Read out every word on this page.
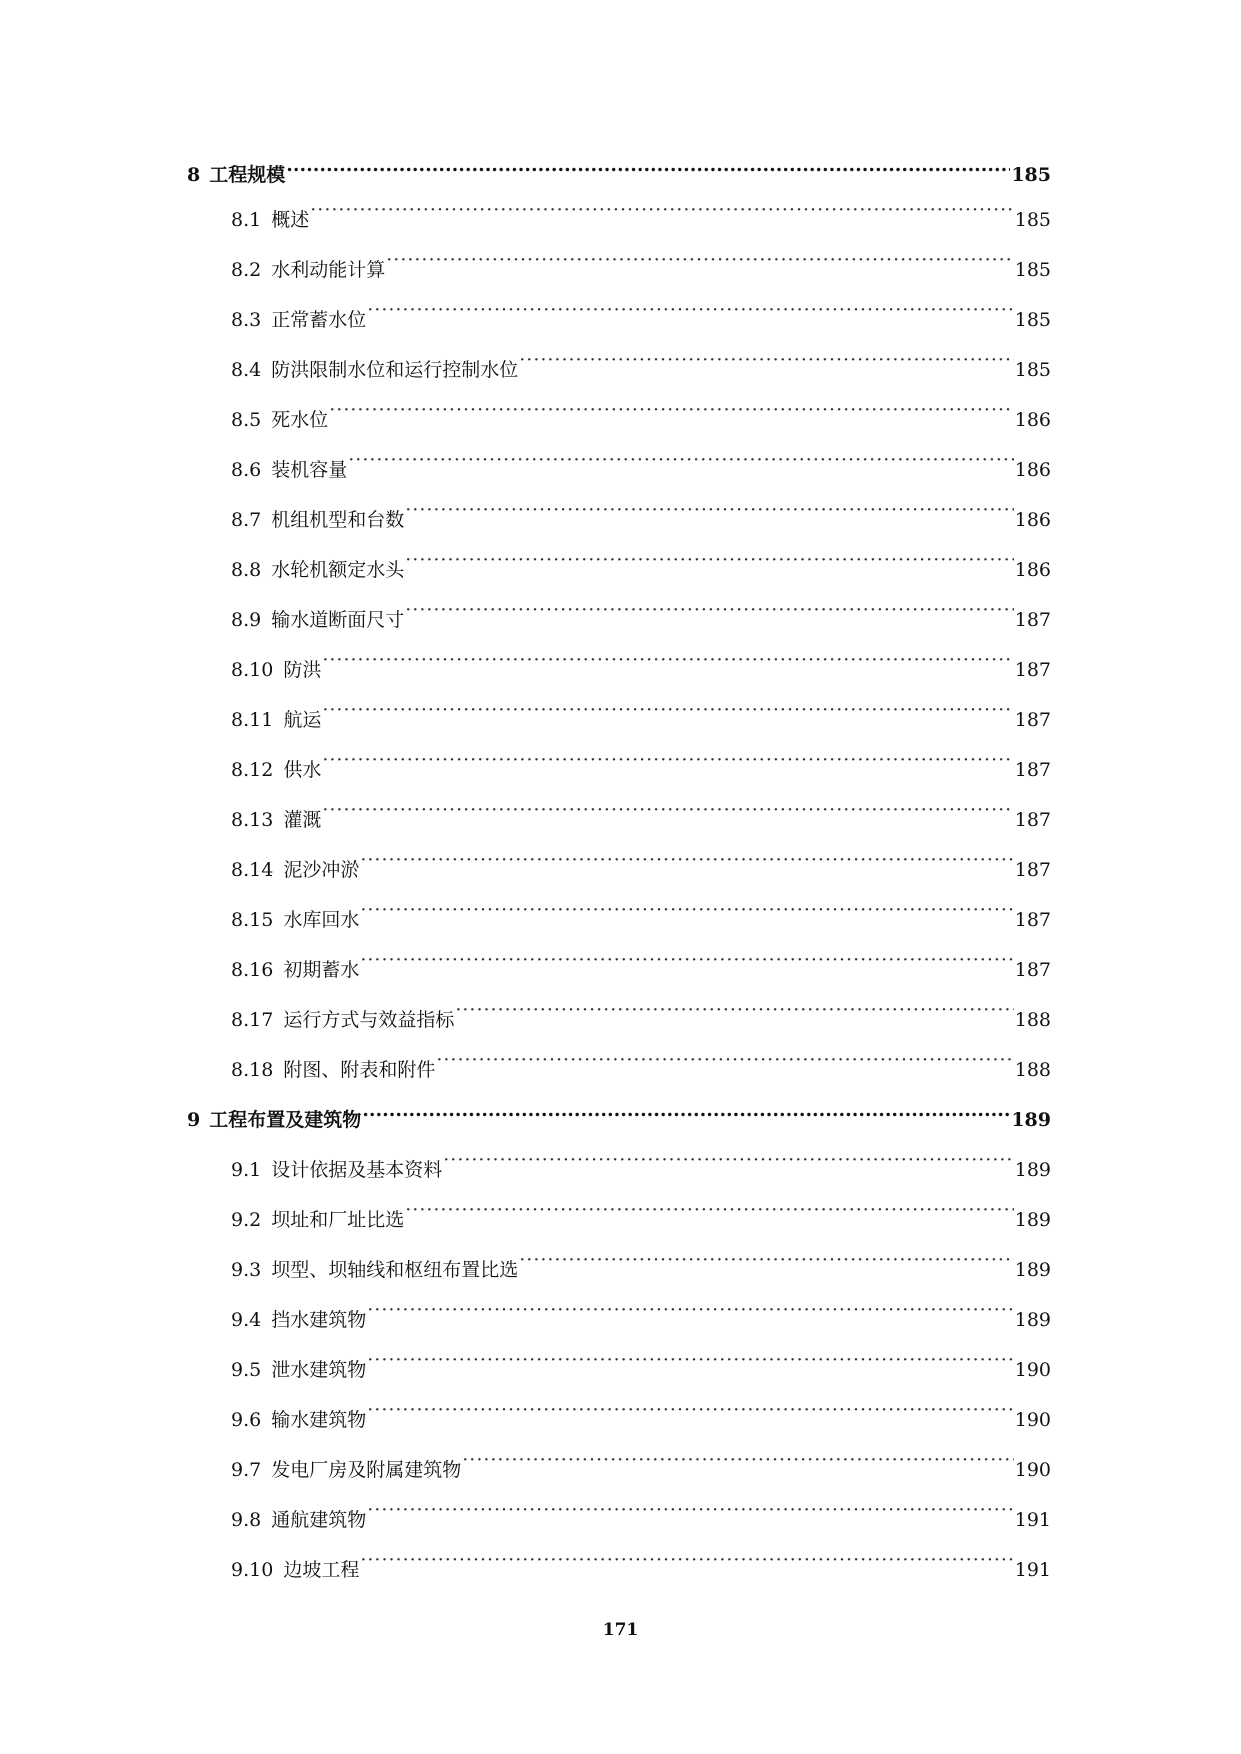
8 工程规模 .....	185
8.1 概述 ·····	185
8.2 水利动能计算 ·····	185
8.3 正常蓄水位 ·····	185
8.4 防洪限制水位和运行控制水位 ·····	185
8.5 死水位 ·····	186
8.6 装机容量 ·····	186
8.7 机组机型和台数 ·····	186
8.8 水轮机额定水头 ·····	186
8.9 输水道断面尺寸 ·····	187
8.10 防洪 ·····	187
8.11 航运 ·····	187
8.12 供水 ·····	187
8.13 灌溉 ·····	187
8.14 泥沙冲淤 ·····	187
8.15 水库回水 ·····	187
8.16 初期蓄水 ·····	187
8.17 运行方式与效益指标 ·····	188
8.18 附图、附表和附件 ·····	188
9 工程布置及建筑物 .....	189
9.1 设计依据及基本资料 ·····	189
9.2 坝址和厂址比选 ·····	189
9.3 坝型、坝轴线和枢纽布置比选 ·····	189
9.4 挡水建筑物 ·····	189
9.5 泄水建筑物 ·····	190
9.6 输水建筑物 ·····	190
9.7 发电厂房及附属建筑物 ·····	190
9.8 通航建筑物 ·····	191
9.10 边坡工程 ·····	191
171
